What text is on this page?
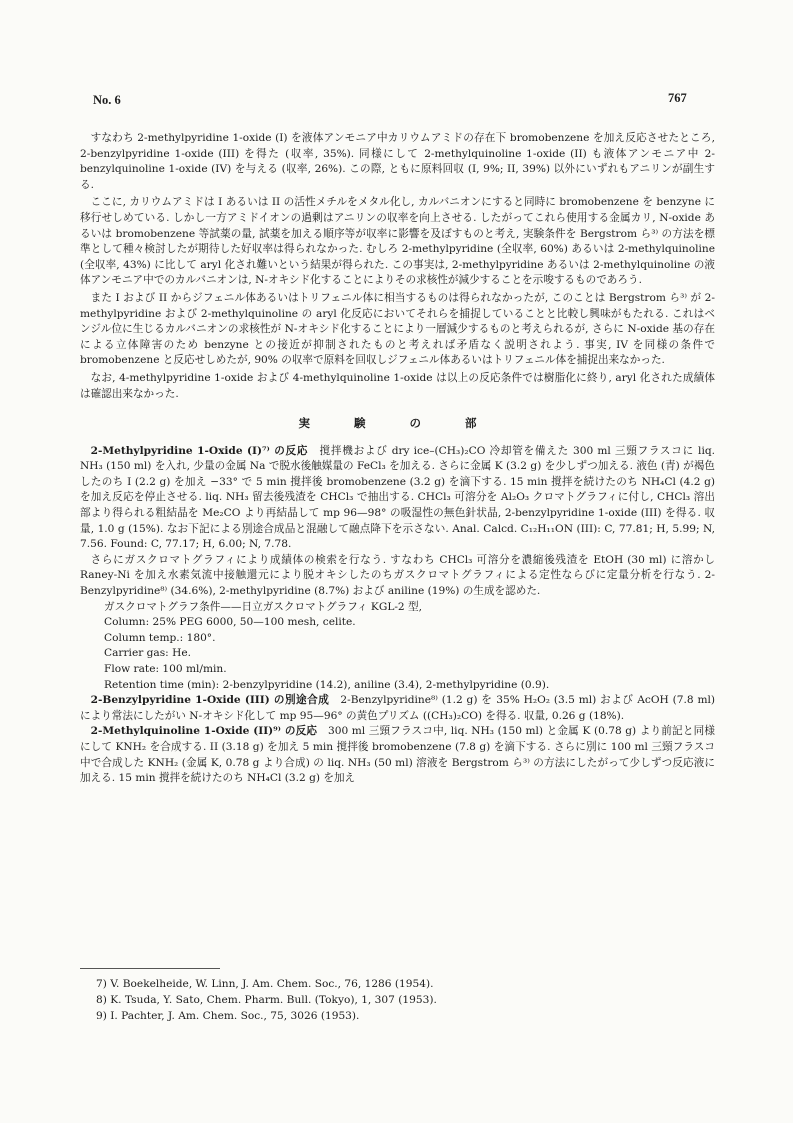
No. 6	767

すなわち 2-methylpyridine 1-oxide (I) を液体アンモニア中カリウムアミドの存在下 bromobenzene を加え反応させたところ, 2-benzylpyridine 1-oxide (III) を得た (収率, 35%). 同様にして 2-methylquinoline 1-oxide (II) も液体アンモニア中 2-benzylquinoline 1-oxide (IV) を与える (収率, 26%). この際, ともに原料回収 (I, 9%; II, 39%) 以外にいずれもアニリンが副生する.

ここに, カリウムアミドは I あるいは II の活性メチルをメタル化し, カルバニオンにすると同時に bromobenzene を benzyne に移行せしめている. しかし一方アミドイオンの過剰はアニリンの収率を向上させる. したがってこれら使用する金属カリ, N-oxide あるいは bromobenzene 等試薬の量, 試薬を加える順序等が収率に影響を及ぼすものと考え, 実験条件を Bergstrom ら³⁾ の方法を標準として種々検討したが期待した好収率は得られなかった. むしろ 2-methylpyridine (全収率, 60%) あるいは 2-methylquinoline (全収率, 43%) に比して aryl 化され難いという結果が得られた. この事実は, 2-methylpyridine あるいは 2-methylquinoline の液体アンモニア中でのカルバニオンは, N-オキシド化することによりその求核性が減少することを示唆するものであろう.

また I および II からジフェニル体あるいはトリフェニル体に相当するものは得られなかったが, このことは Bergstrom ら³⁾ が 2-methylpyridine および 2-methylquinoline の aryl 化反応においてそれらを捕捉していることと比較し興味がもたれる. これはベンジル位に生じるカルバニオンの求核性が N-オキシド化することにより一層減少するものと考えられるが, さらに N-oxide 基の存在による立体障害のため benzyne との接近が抑制されたものと考えれば矛盾なく説明されよう. 事実, IV を同様の条件で bromobenzene と反応せしめたが, 90% の収率で原料を回収しジフェニル体あるいはトリフェニル体を捕捉出来なかった.

なお, 4-methylpyridine 1-oxide および 4-methylquinoline 1-oxide は以上の反応条件では樹脂化に終り, aryl 化された成績体は確認出来なかった.

実 験 の 部

2-Methylpyridine 1-Oxide (I)⁷⁾ の反応　撹拌機および dry ice–(CH₃)₂CO 冷却管を備えた 300 ml 三頸フラスコに liq. NH₃ (150 ml) を入れ, 少量の金属 Na で脱水後触媒量の FeCl₃ を加える. さらに金属 K (3.2 g) を少しずつ加える. 液色 (青) が褐色したのち I (2.2 g) を加え −33° で 5 min 撹拌後 bromobenzene (3.2 g) を滴下する. 15 min 撹拌を続けたのち NH₄Cl (4.2 g) を加え反応を停止させる. liq. NH₃ 留去後残渣を CHCl₃ で抽出する. CHCl₃ 可溶分を Al₂O₃ クロマトグラフィに付し, CHCl₃ 溶出部より得られる粗結晶を Me₂CO より再結晶して mp 96—98° の吸湿性の無色針状晶, 2-benzylpyridine 1-oxide (III) を得る. 収量, 1.0 g (15%). なお下記による別途合成品と混融して融点降下を示さない. Anal. Calcd. C₁₂H₁₁ON (III): C, 77.81; H, 5.99; N, 7.56. Found: C, 77.17; H, 6.00; N, 7.78.

さらにガスクロマトグラフィにより成績体の検索を行なう. すなわち CHCl₃ 可溶分を濃縮後残渣を EtOH (30 ml) に溶かし Raney-Ni を加え水素気流中接触還元により脱オキシしたのちガスクロマトグラフィによる定性ならびに定量分析を行なう. 2-Benzylpyridine⁸⁾ (34.6%), 2-methylpyridine (8.7%) および aniline (19%) の生成を認めた.

ガスクロマトグラフ条件——日立ガスクロマトグラフィ KGL-2 型,

Column: 25% PEG 6000, 50—100 mesh, celite.

Column temp.: 180°.

Carrier gas: He.

Flow rate: 100 ml/min.

Retention time (min): 2-benzylpyridine (14.2), aniline (3.4), 2-methylpyridine (0.9).

2-Benzylpyridine 1-Oxide (III) の別途合成　2-Benzylpyridine⁸⁾ (1.2 g) を 35% H₂O₂ (3.5 ml) および AcOH (7.8 ml) により常法にしたがい N-オキシド化して mp 95—96° の黄色プリズム ((CH₃)₂CO) を得る. 収量, 0.26 g (18%).

2-Methylquinoline 1-Oxide (II)⁹⁾ の反応　300 ml 三頸フラスコ中, liq. NH₃ (150 ml) と金属 K (0.78 g) より前記と同様にして KNH₂ を合成する. II (3.18 g) を加え 5 min 撹拌後 bromobenzene (7.8 g) を滴下する. さらに別に 100 ml 三頸フラスコ中で合成した KNH₂ (金属 K, 0.78 g より合成) の liq. NH₃ (50 ml) 溶液を Bergstrom ら³⁾ の方法にしたがって少しずつ反応液に加える. 15 min 撹拌を続けたのち NH₄Cl (3.2 g) を加え

7) V. Boekelheide, W. Linn, J. Am. Chem. Soc., 76, 1286 (1954).

8) K. Tsuda, Y. Sato, Chem. Pharm. Bull. (Tokyo), 1, 307 (1953).

9) I. Pachter, J. Am. Chem. Soc., 75, 3026 (1953).
